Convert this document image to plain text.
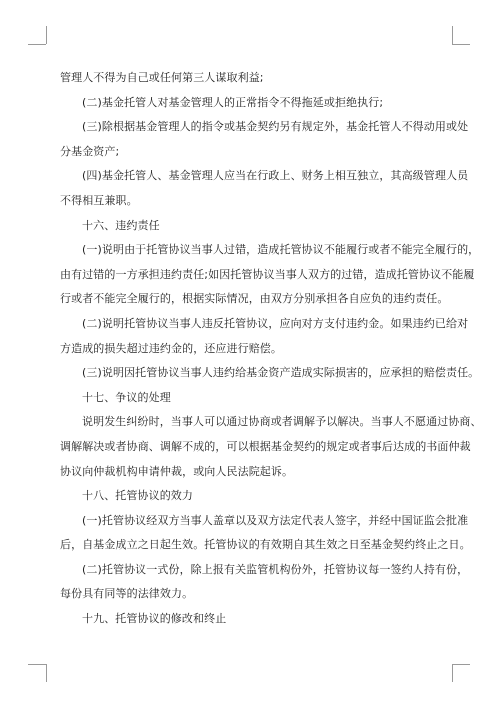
管理人不得为自己或任何第三人谋取利益;
(二)基金托管人对基金管理人的正常指令不得拖延或拒绝执行;
(三)除根据基金管理人的指令或基金契约另有规定外，基金托管人不得动用或处
分基金资产;
(四)基金托管人、基金管理人应当在行政上、财务上相互独立，其高级管理人员
不得相互兼职。
十六、违约责任
(一)说明由于托管协议当事人过错，造成托管协议不能履行或者不能完全履行的，
由有过错的一方承担违约责任;如因托管协议当事人双方的过错，造成托管协议不能履
行或者不能完全履行的，根据实际情况，由双方分别承担各自应负的违约责任。
(二)说明托管协议当事人违反托管协议，应向对方支付违约金。如果违约已给对
方造成的损失超过违约金的，还应进行赔偿。
(三)说明因托管协议当事人违约给基金资产造成实际损害的，应承担的赔偿责任。
十七、争议的处理
说明发生纠纷时，当事人可以通过协商或者调解予以解决。当事人不愿通过协商、
调解解决或者协商、调解不成的，可以根据基金契约的规定或者事后达成的书面仲裁
协议向仲裁机构申请仲裁，或向人民法院起诉。
十八、托管协议的效力
(一)托管协议经双方当事人盖章以及双方法定代表人签字，并经中国证监会批准
后，自基金成立之日起生效。托管协议的有效期自其生效之日至基金契约终止之日。
(二)托管协议一式份，除上报有关监管机构份外，托管协议每一签约人持有份，
每份具有同等的法律效力。
十九、托管协议的修改和终止
